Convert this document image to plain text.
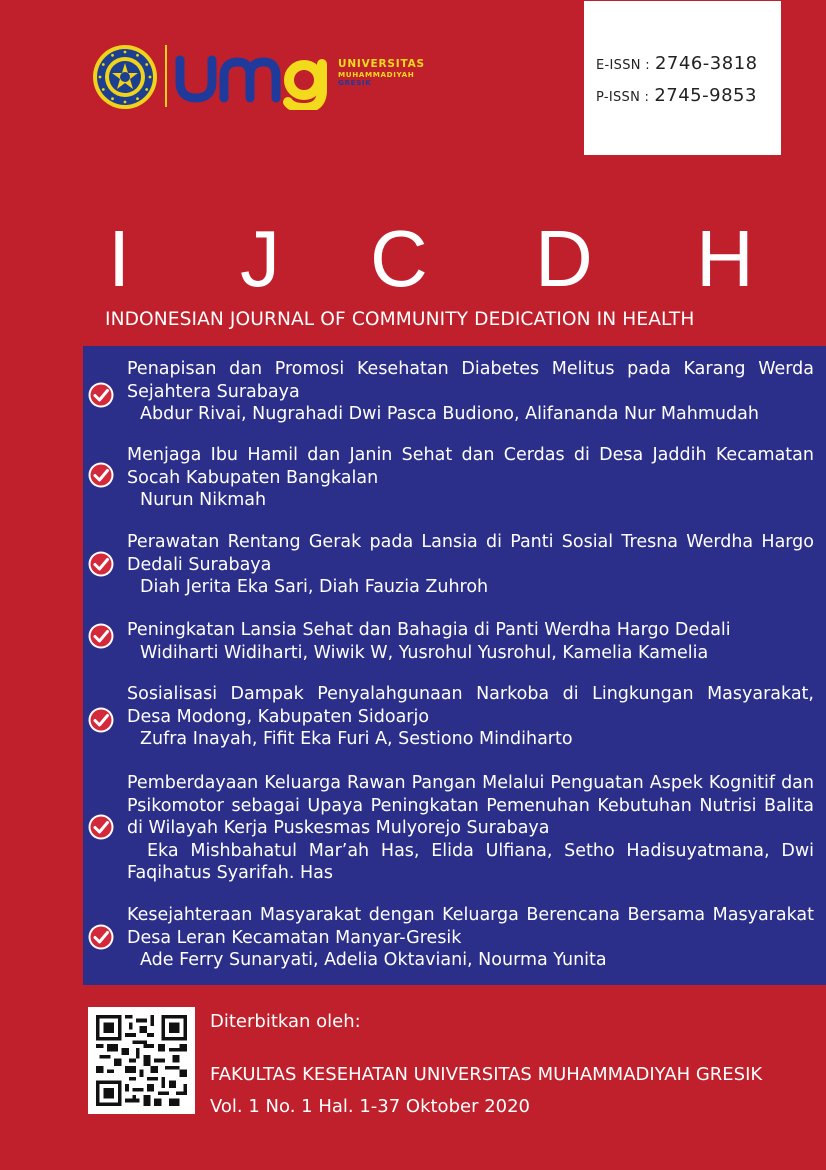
UNIVERSITAS
MUHAMMADIYAH
GRESIK
E-ISSN : 2746-3818
P-ISSN : 2745-9853
I J C D H
INDONESIAN JOURNAL OF COMMUNITY DEDICATION IN HEALTH
Penapisan dan Promosi Kesehatan Diabetes Melitus pada Karang Werda Sejahtera Surabaya
Abdur Rivai, Nugrahadi Dwi Pasca Budiono, Alifananda Nur Mahmudah
Menjaga Ibu Hamil dan Janin Sehat dan Cerdas di Desa Jaddih Kecamatan Socah Kabupaten Bangkalan
Nurun Nikmah
Perawatan Rentang Gerak pada Lansia di Panti Sosial Tresna Werdha Hargo Dedali Surabaya
Diah Jerita Eka Sari, Diah Fauzia Zuhroh
Peningkatan Lansia Sehat dan Bahagia di Panti Werdha Hargo Dedali
Widiharti Widiharti, Wiwik W, Yusrohul Yusrohul, Kamelia Kamelia
Sosialisasi Dampak Penyalahgunaan Narkoba di Lingkungan Masyarakat, Desa Modong, Kabupaten Sidoarjo
Zufra Inayah, Fifit Eka Furi A, Sestiono Mindiharto
Pemberdayaan Keluarga Rawan Pangan Melalui Penguatan Aspek Kognitif dan Psikomotor sebagai Upaya Peningkatan Pemenuhan Kebutuhan Nutrisi Balita di Wilayah Kerja Puskesmas Mulyorejo Surabaya
Eka Mishbahatul Mar’ah Has, Elida Ulfiana, Setho Hadisuyatmana, Dwi Faqihatus Syarifah. Has
Kesejahteraan Masyarakat dengan Keluarga Berencana Bersama Masyarakat Desa Leran Kecamatan Manyar-Gresik
Ade Ferry Sunaryati, Adelia Oktaviani, Nourma Yunita
Diterbitkan oleh:
FAKULTAS KESEHATAN UNIVERSITAS MUHAMMADIYAH GRESIK
Vol. 1 No. 1 Hal. 1-37 Oktober 2020
